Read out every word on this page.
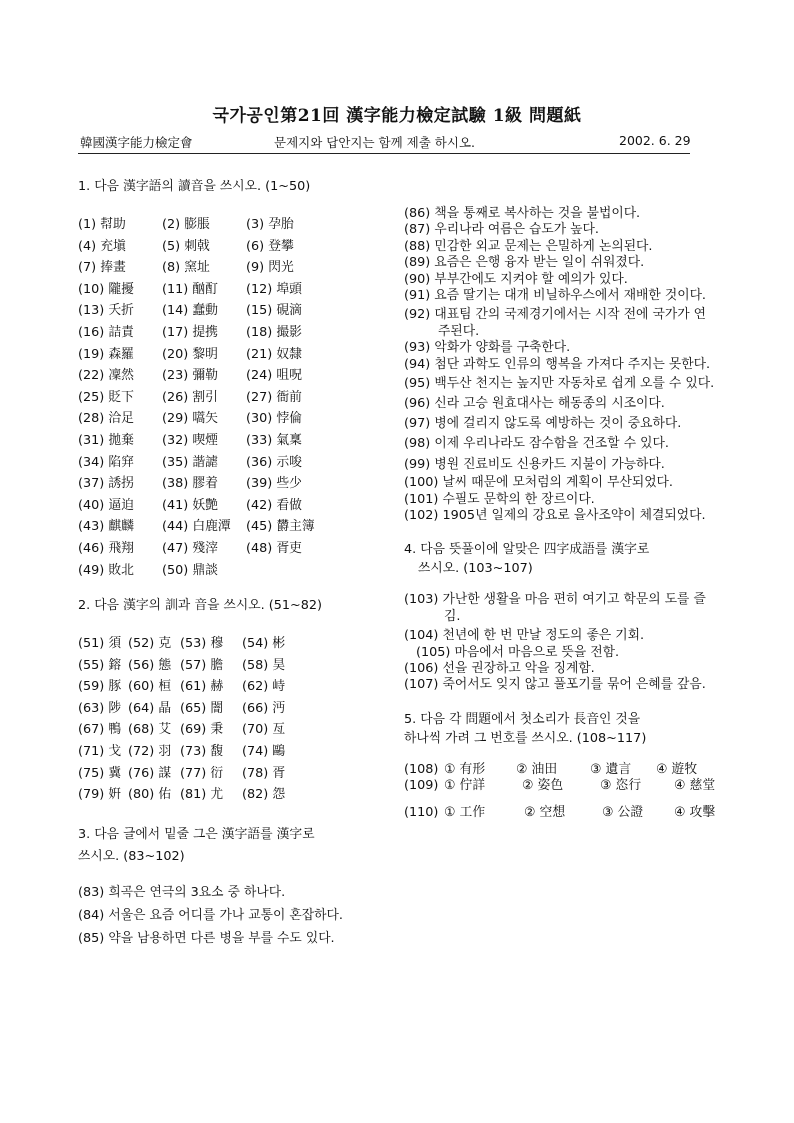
국가공인第21回 漢字能力檢定試驗 1級 問題紙
韓國漢字能力檢定會	문제지와 답안지는 함께 제출 하시오.	2002. 6. 29

1. 다음 漢字語의 讀音을 쓰시오. (1~50)

(1) 幇助	(2) 膨脹	(3) 孕胎
(4) 充塡	(5) 刺戟	(6) 登攀
(7) 捧畫	(8) 窯址	(9) 閃光
(10) 隴擾 (11) 酗酊 (12) 埠頭
(13) 夭折 (14) 蠢動 (15) 硯滴
(16) 詰責 (17) 提携 (18) 撮影
(19) 森羅 (20) 黎明 (21) 奴隸
(22) 凜然 (23) 彌勒 (24) 咀呪
(25) 貶下 (26) 割引 (27) 衙前
(28) 洽足 (29) 嚆矢 (30) 悖倫
(31) 拋棄 (32) 喫煙 (33) 氣稟
(34) 陷穽 (35) 諧謔 (36) 示唆
(37) 誘拐 (38) 膠着 (39) 些少
(40) 逼迫 (41) 妖艶 (42) 看做
(43) 麒麟 (44) 白鹿潭 (45) 欝主簿
(46) 飛翔 (47) 殘滓 (48) 胥吏
(49) 敗北 (50) 鼎談

2. 다음 漢字의 訓과 音을 쓰시오. (51~82)

(51) 須 (52) 克 (53) 穆 (54) 彬
(55) 鎔 (56) 態 (57) 膽 (58) 昊
(59) 豚 (60) 桓 (61) 赫 (62) 峙
(63) 陟 (64) 晶 (65) 闇 (66) 沔
(67) 鴨 (68) 艾 (69) 秉 (70) 亙
(71) 戈 (72) 羽 (73) 馥 (74) 鷗
(75) 冀 (76) 謀 (77) 衍 (78) 胥
(79) 姸 (80) 佑 (81) 尤 (82) 怨
3. 다음 글에서 밑줄 그은 漢字語를 漢字로
쓰시오. (83~102)

(83) 희곡은 연극의 3요소 중 하나다.

(84) 서울은 요즘 어디를 가나 교통이 혼잡하다.

(85) 약을 남용하면 다른 병을 부를 수도 있다.

(86) 책을 통째로 복사하는 것을 불법이다.

(87) 우리나라 여름은 습도가 높다.

(88) 민감한 외교 문제는 은밀하게 논의된다.

(89) 요즘은 은행 융자 받는 일이 쉬워졌다.

(90) 부부간에도 지켜야 할 예의가 있다.

(91) 요즘 딸기는 대개 비닐하우스에서 재배한 것이다.

(92) 대표팀 간의 국제경기에서는 시작 전에 국가가 연주된다.

(93) 악화가 양화를 구축한다.

(94) 첨단 과학도 인류의 행복을 가져다 주지는 못한다.

(95) 백두산 천지는 높지만 자동차로 쉽게 오를 수 있다.

(96) 신라 고승 원효대사는 해동종의 시조이다.

(97) 병에 걸리지 않도록 예방하는 것이 중요하다.

(98) 이제 우리나라도 잠수함을 건조할 수 있다.

(99) 병원 진료비도 신용카드 지불이 가능하다.

(100) 날씨 때문에 모처럼의 계획이 무산되었다.

(101) 수필도 문학의 한 장르이다.

(102) 1905년 일제의 강요로 을사조약이 체결되었다.

4. 다음 뜻풀이에 알맞은 四字成語를 漢字로
쓰시오. (103~107)

(103) 가난한 생활을 마음 편히 여기고 학문의 도를 즐김.

(104) 천년에 한 번 만날 정도의 좋은 기회.

(105) 마음에서 마음으로 뜻을 전함.

(106) 선을 권장하고 악을 징계함.

(107) 죽어서도 잊지 않고 풀포기를 묶어 은혜를 갚음.

5. 다음 각 問題에서 첫소리가 長音인 것을
하나씩 가려 그 번호를 쓰시오. (108~117)

(108) ① 有形 ② 油田	③ 遺言 ④ 遊牧

(109) ① 佇詳	② 姿色	③ 恣行	④ 慈堂

(110) ① 工作	② 空想	③ 公證 ④ 攻擊
